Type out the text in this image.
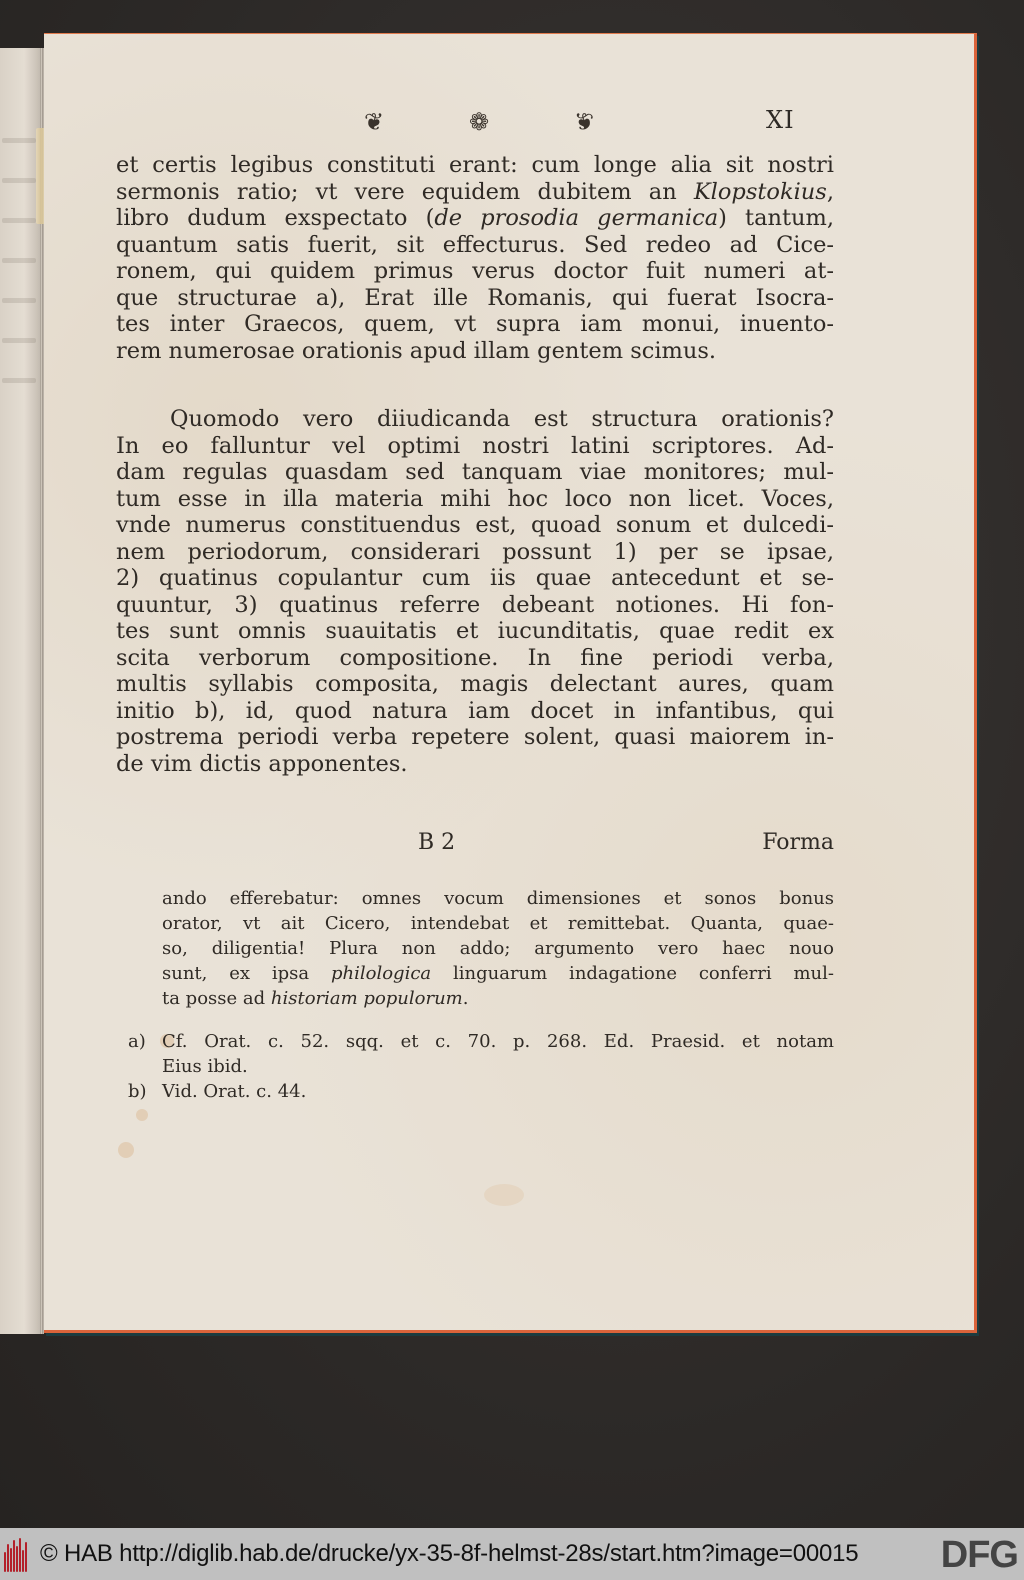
❦	❁	❦	XI
et certis legibus constituti erant: cum longe alia sit nostri
sermonis ratio; vt vere equidem dubitem an Klopstokius,
libro dudum exspectato (de prosodia germanica) tantum,
quantum satis fuerit, sit effecturus. Sed redeo ad Cice-
ronem, qui quidem primus verus doctor fuit numeri at-
que structurae a), Erat ille Romanis, qui fuerat Isocra-
tes inter Graecos, quem, vt supra iam monui, inuento-
rem numerosae orationis apud illam gentem scimus.
Quomodo vero diiudicanda est structura orationis?
In eo falluntur vel optimi nostri latini scriptores. Ad-
dam regulas quasdam sed tanquam viae monitores; mul-
tum esse in illa materia mihi hoc loco non licet. Voces,
vnde numerus constituendus est, quoad sonum et dulcedi-
nem periodorum, considerari possunt 1) per se ipsae,
2) quatinus copulantur cum iis quae antecedunt et se-
quuntur, 3) quatinus referre debeant notiones. Hi fon-
tes sunt omnis suauitatis et iucunditatis, quae redit ex
scita verborum compositione. In fine periodi verba,
multis syllabis composita, magis delectant aures, quam
initio b), id, quod natura iam docet in infantibus, qui
postrema periodi verba repetere solent, quasi maiorem in-
de vim dictis apponentes.
B 2	Forma
ando efferebatur: omnes vocum dimensiones et sonos bonus
orator, vt ait Cicero, intendebat et remittebat. Quanta, quae-
so, diligentia! Plura non addo; argumento vero haec nouo
sunt, ex ipsa philologica linguarum indagatione conferri mul-
ta posse ad historiam populorum.
a) Cf. Orat. c. 52. sqq. et c. 70. p. 268. Ed. Praesid. et notam
Eius ibid.
b) Vid. Orat. c. 44.
© HAB http://diglib.hab.de/drucke/yx-35-8f-helmst-28s/start.htm?image=00015 DFG
